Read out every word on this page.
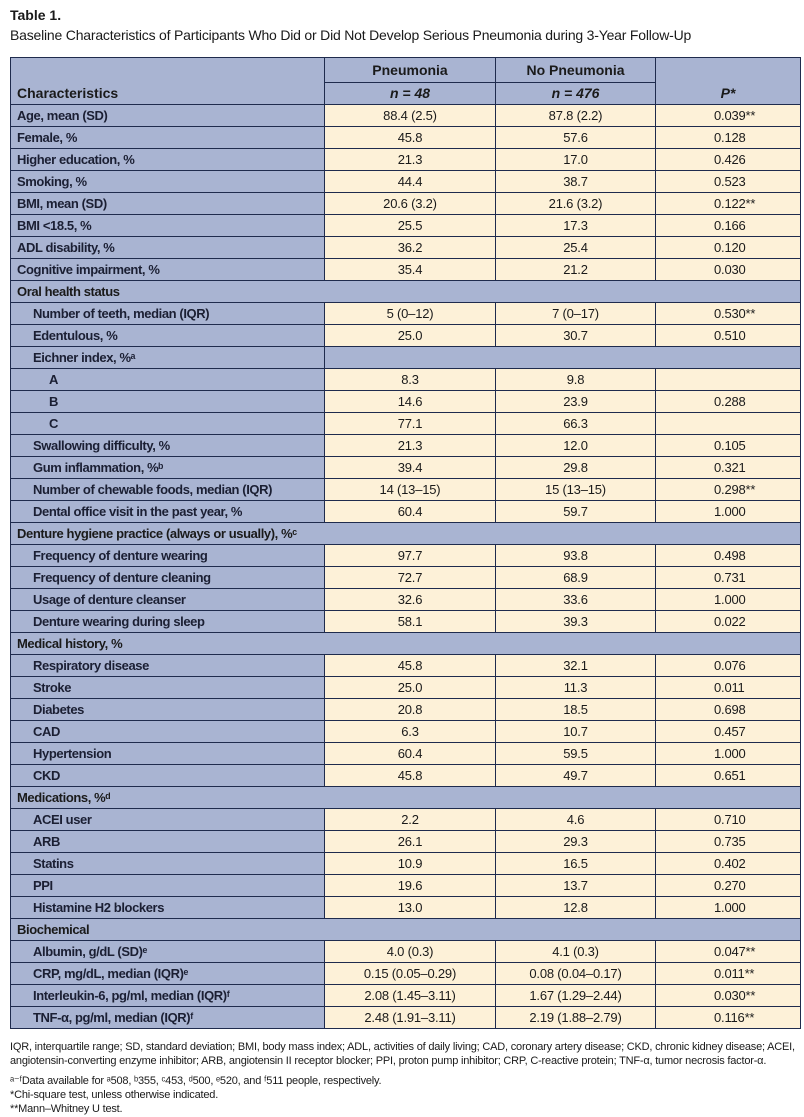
Table 1.
Baseline Characteristics of Participants Who Did or Did Not Develop Serious Pneumonia during 3-Year Follow-Up
Characteristics	Pneumonia	No Pneumonia	P*
	n = 48	n = 476	
Age, mean (SD)	88.4 (2.5)	87.8 (2.2)	0.039**
Female, %	45.8	57.6	0.128
Higher education, %	21.3	17.0	0.426
Smoking, %	44.4	38.7	0.523
BMI, mean (SD)	20.6 (3.2)	21.6 (3.2)	0.122**
BMI <18.5, %	25.5	17.3	0.166
ADL disability, %	36.2	25.4	0.120
Cognitive impairment, %	35.4	21.2	0.030
Oral health status			
Number of teeth, median (IQR)	5 (0–12)	7 (0–17)	0.530**
Edentulous, %	25.0	30.7	0.510
Eichner index, %ᵃ			
A	8.3	9.8	
B	14.6	23.9	0.288
C	77.1	66.3	
Swallowing difficulty, %	21.3	12.0	0.105
Gum inflammation, %ᵇ	39.4	29.8	0.321
Number of chewable foods, median (IQR)	14 (13–15)	15 (13–15)	0.298**
Dental office visit in the past year, %	60.4	59.7	1.000
Denture hygiene practice (always or usually), %ᶜ			
Frequency of denture wearing	97.7	93.8	0.498
Frequency of denture cleaning	72.7	68.9	0.731
Usage of denture cleanser	32.6	33.6	1.000
Denture wearing during sleep	58.1	39.3	0.022
Medical history, %			
Respiratory disease	45.8	32.1	0.076
Stroke	25.0	11.3	0.011
Diabetes	20.8	18.5	0.698
CAD	6.3	10.7	0.457
Hypertension	60.4	59.5	1.000
CKD	45.8	49.7	0.651
Medications, %ᵈ			
ACEI user	2.2	4.6	0.710
ARB	26.1	29.3	0.735
Statins	10.9	16.5	0.402
PPI	19.6	13.7	0.270
Histamine H2 blockers	13.0	12.8	1.000
Biochemical			
Albumin, g/dL (SD)ᵉ	4.0 (0.3)	4.1 (0.3)	0.047**
CRP, mg/dL, median (IQR)ᵉ	0.15 (0.05–0.29)	0.08 (0.04–0.17)	0.011**
Interleukin-6, pg/ml, median (IQR)ᶠ	2.08 (1.45–3.11)	1.67 (1.29–2.44)	0.030**
TNF-α, pg/ml, median (IQR)ᶠ	2.48 (1.91–3.11)	2.19 (1.88–2.79)	0.116**
IQR, interquartile range; SD, standard deviation; BMI, body mass index; ADL, activities of daily living; CAD, coronary artery disease; CKD, chronic kidney disease; ACEI, angiotensin-converting enzyme inhibitor; ARB, angiotensin II receptor blocker; PPI, proton pump inhibitor; CRP, C-reactive protein; TNF-α, tumor necrosis factor-α.
ᵃ⁻ᶠData available for ᵃ508, ᵇ355, ᶜ453, ᵈ500, ᵉ520, and ᶠ511 people, respectively.
*Chi-square test, unless otherwise indicated.
**Mann–Whitney U test.
